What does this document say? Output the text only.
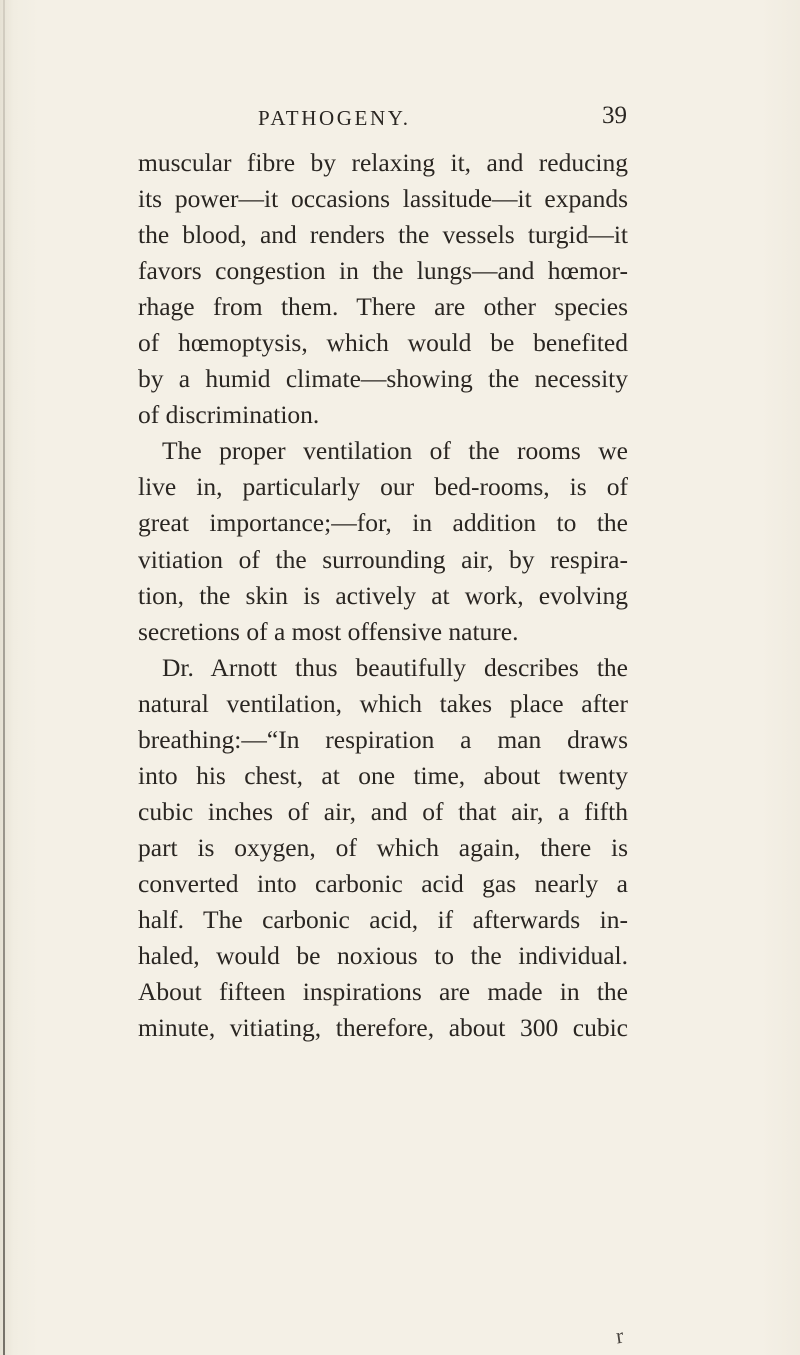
PATHOGENY.	39
muscular fibre by relaxing it, and reducing
its power—it occasions lassitude—it expands
the blood, and renders the vessels turgid—it
favors congestion in the lungs—and hœmor-
rhage from them. There are other species
of hœmoptysis, which would be benefited
by a humid climate—showing the necessity
of discrimination.
The proper ventilation of the rooms we
live in, particularly our bed-rooms, is of
great importance;—for, in addition to the
vitiation of the surrounding air, by respira-
tion, the skin is actively at work, evolving
secretions of a most offensive nature.
Dr. Arnott thus beautifully describes the
natural ventilation, which takes place after
breathing:—“In respiration a man draws
into his chest, at one time, about twenty
cubic inches of air, and of that air, a fifth
part is oxygen, of which again, there is
converted into carbonic acid gas nearly a
half. The carbonic acid, if afterwards in-
haled, would be noxious to the individual.
About fifteen inspirations are made in the
minute, vitiating, therefore, about 300 cubic
r
